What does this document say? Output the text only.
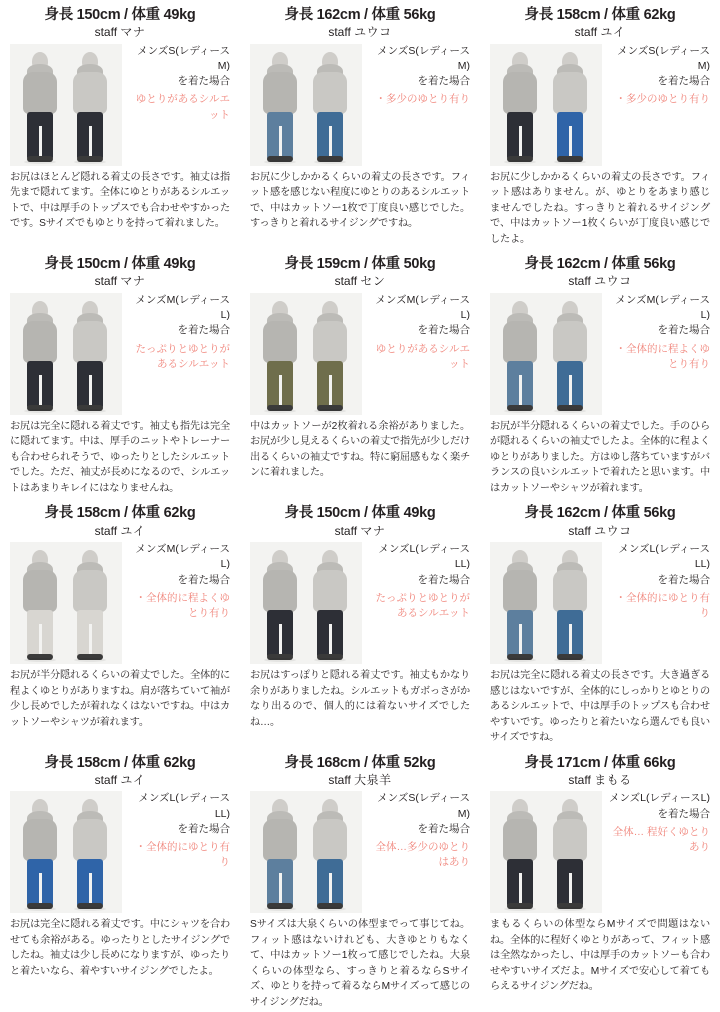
身長 150cm / 体重 49kg
staff マナ
メンズS(レディースM)
を着た場合
ゆとりがあるシルエット
お尻はほとんど隠れる着丈の長さです。袖丈は指先まで隠れてます。全体にゆとりがあるシルエットで、中は厚手のトップスでも合わせやすかったです。Sサイズでもゆとりを持って着れました。
身長 162cm / 体重 56kg
staff ユウコ
メンズS(レディースM)
を着た場合
・ 多少のゆとり有り
お尻に少しかかるくらいの着丈の長さです。フィット感を感じない程度にゆとりのあるシルエットで、中はカットソー1枚で丁度良い感じでした。すっきりと着れるサイジングですね。
身長 158cm / 体重 62kg
staff ユイ
メンズS(レディースM)
を着た場合
・ 多少のゆとり有り
お尻に少しかかるくらいの着丈の長さです。フィット感はありません。が、ゆとりをあまり感じませんでしたね。すっきりと着れるサイジングで、中はカットソー1枚くらいが丁度良い感じでしたよ。
身長 150cm / 体重 49kg
staff マナ
メンズM(レディースL)
を着た場合
たっぷりとゆとりがあるシルエット
お尻は完全に隠れる着丈です。袖丈も指先は完全に隠れてます。中は、厚手のニットやトレーナーも合わせられそうで、ゆったりとしたシルエットでした。ただ、袖丈が長めになるので、シルエットはあまりキレイにはなりませんね。
身長 159cm / 体重 50kg
staff セン
メンズM(レディースL)
を着た場合
ゆとりがあるシルエット
中はカットソーが2枚着れる余裕がありました。お尻が少し見えるくらいの着丈で指先が少しだけ出るくらいの袖丈ですね。特に窮屈感もなく楽チンに着れました。
身長 162cm / 体重 56kg
staff ユウコ
メンズM(レディースL)
を着た場合
・ 全体的に程よくゆとり有り
お尻が半分隠れるくらいの着丈でした。手のひらが隠れるくらいの袖丈でしたよ。全体的に程よくゆとりがありました。方はゆし落ちていますがバランスの良いシルエットで着れたと思います。中はカットソーやシャツが着れます。
身長 158cm / 体重 62kg
staff ユイ
メンズM(レディースL)
を着た場合
・ 全体的に程よくゆとり有り
お尻が半分隠れるくらいの着丈でした。全体的に程よくゆとりがありますね。肩が落ちていて袖が少し長めでしたが着れなくはないですね。中はカットソーやシャツが着れます。
身長 150cm / 体重 49kg
staff マナ
メンズL(レディースLL)
を着た場合
たっぷりとゆとりがあるシルエット
お尻はすっぽりと隠れる着丈です。袖丈もかなり余りがありましたね。シルエットもガボっさがかなり出るので、個人的には着ないサイズでしたね…。
身長 162cm / 体重 56kg
staff ユウコ
メンズL(レディースLL)
を着た場合
・ 全体的にゆとり有り
お尻は完全に隠れる着丈の長さです。大き過ぎる感じはないですが、全体的にしっかりとゆとりのあるシルエットで、中は厚手のトップスも合わせやすいです。ゆったりと着たいなら選んでも良いサイズですね。
身長 158cm / 体重 62kg
staff ユイ
メンズL(レディースLL)
を着た場合
・ 全体的にゆとり有り
お尻は完全に隠れる着丈です。中にシャツを合わせても余裕がある。ゆったりとしたサイジングでしたね。袖丈は少し長めになりますが、ゆったりと着たいなら、着やすいサイジングでしたよ。
身長 168cm / 体重 52kg
staff 大泉羊
メンズS(レディースM)
を着た場合
全体…多少のゆとりはあり
Sサイズは大泉くらいの体型までって事じてね。フィット感はないけれども、大きゆとりもなくて、中はカットソー1枚って感じでしたね。大泉くらいの体型なら、すっきりと着るならSサイズ、ゆとりを持って着るならMサイズって感じのサイジングだね。
身長 171cm / 体重 66kg
staff まもる
メンズL(レディースL)
を着た場合
全体… 程好くゆとりあり
まもるくらいの体型ならMサイズで問題はないね。全体的に程好くゆとりがあって、フィット感は全然なかったし、中は厚手のカットソーも合わせやすいサイズだよ。Mサイズで安心して着てもらえるサイジングだね。
